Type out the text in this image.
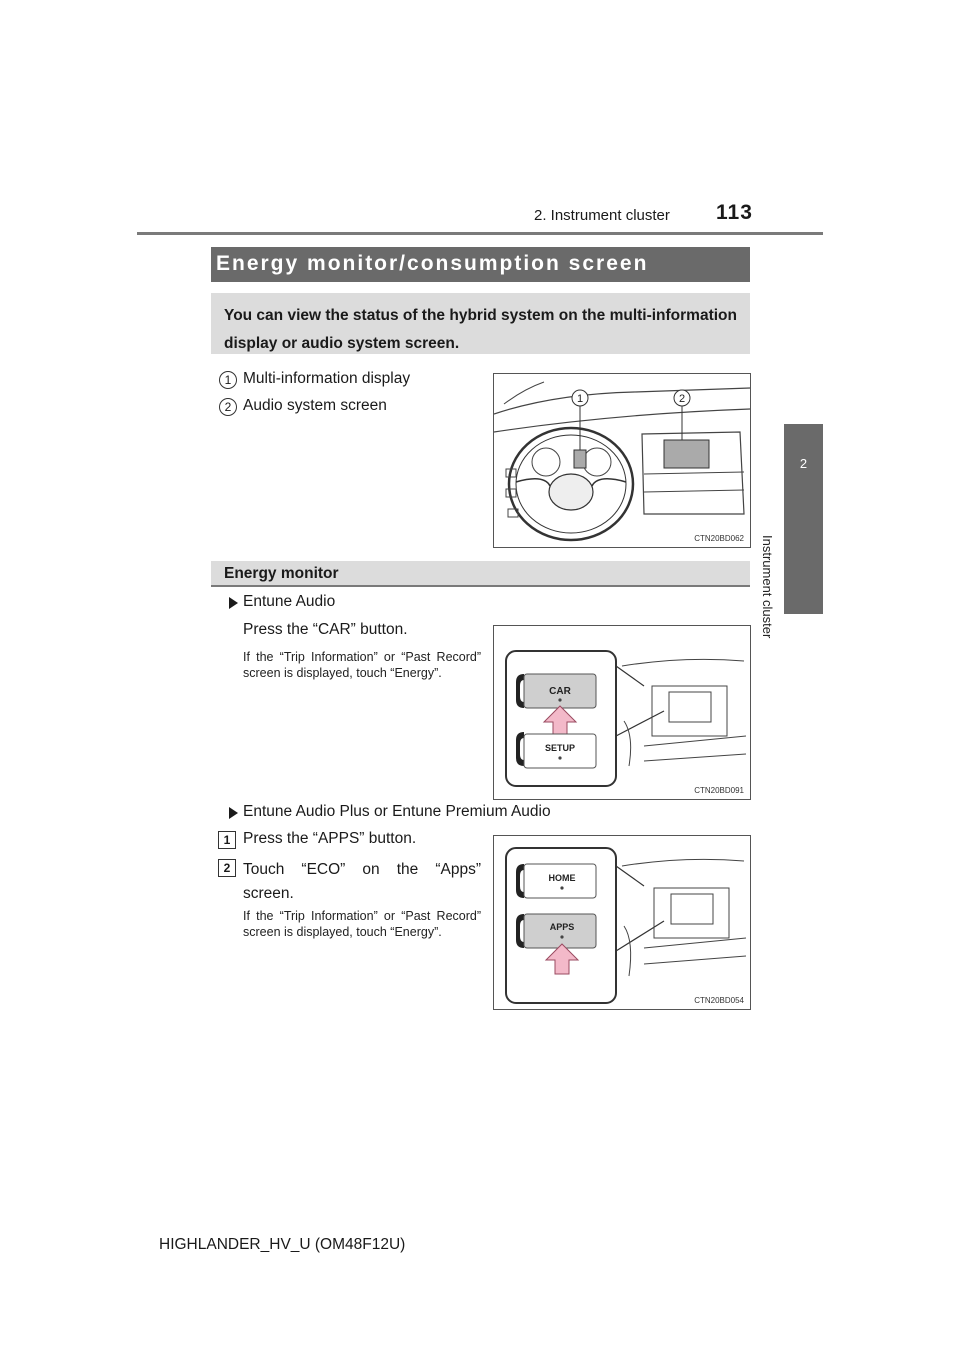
113
2. Instrument cluster
2
Instrument cluster
Energy monitor/consumption screen
You can view the status of the hybrid system on the multi-information display or audio system screen.
1 Multi-information display
2 Audio system screen	1	2
CTN20BD062
Energy monitor
Entune Audio
Press the “CAR” button.
If the “Trip Information” or “Past Record” screen is displayed, touch “Energy”.
CAR
SETUP
CTN20BD091
Entune Audio Plus or Entune Premium Audio
1 Press the “APPS” button.
2 Touch “ECO” on the “Apps” screen.
If the “Trip Information” or “Past Record” screen is displayed, touch “Energy”.
HOME
APPS
CTN20BD054
HIGHLANDER_HV_U (OM48F12U)
